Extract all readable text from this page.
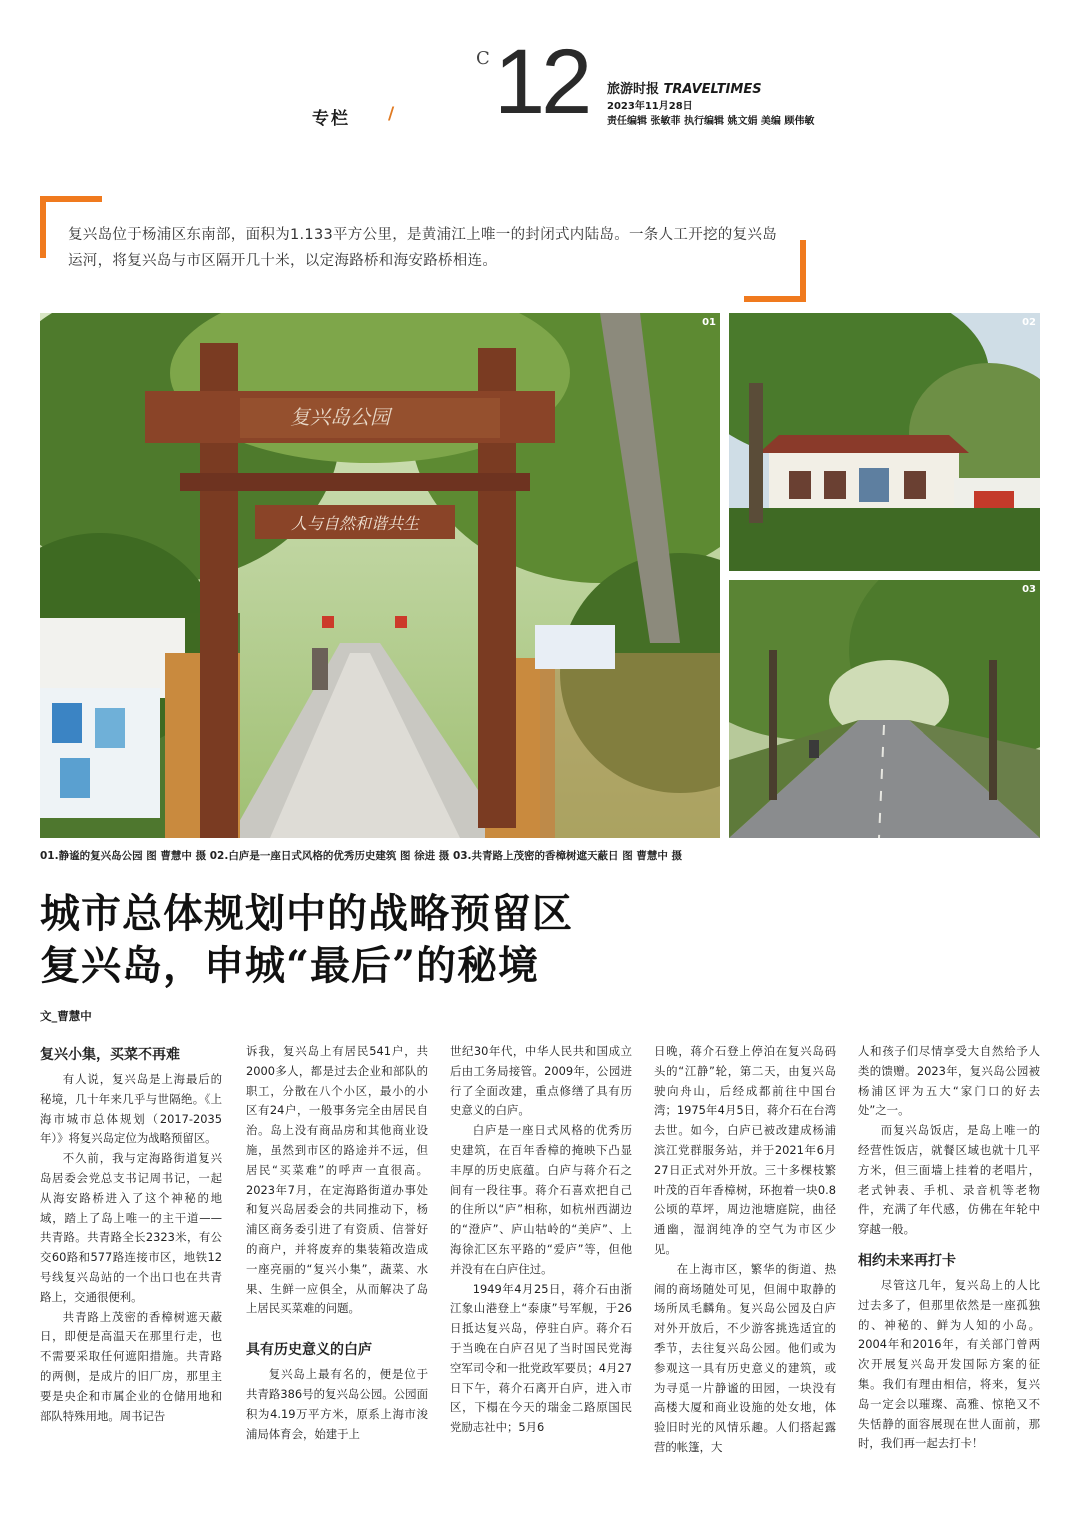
专栏 /
C 12 旅游时报 TRAVELTIMES
2023年11月28日
责任编辑 张敏菲 执行编辑 姚文娟 美编 顾伟敏
复兴岛位于杨浦区东南部，面积为1.133平方公里，是黄浦江上唯一的封闭式内陆岛。一条人工开挖的复兴岛运河，将复兴岛与市区隔开几十米，以定海路桥和海安路桥相连。
复兴岛公园
人与自然和谐共生
01	02
03
01.静谧的复兴岛公园 图 曹慧中 摄 02.白庐是一座日式风格的优秀历史建筑 图 徐进 摄 03.共青路上茂密的香樟树遮天蔽日 图 曹慧中 摄
城市总体规划中的战略预留区
复兴岛，申城“最后”的秘境
文_曹慧中
复兴小集，买菜不再难

有人说，复兴岛是上海最后的秘境，几十年来几乎与世隔绝。《上海市城市总体规划（2017-2035年）》将复兴岛定位为战略预留区。

不久前，我与定海路街道复兴岛居委会党总支书记周书记，一起从海安路桥进入了这个神秘的地域，踏上了岛上唯一的主干道——共青路。共青路全长2323米，有公交60路和577路连接市区，地铁12号线复兴岛站的一个出口也在共青路上，交通很便利。

共青路上茂密的香樟树遮天蔽日，即便是高温天在那里行走，也不需要采取任何遮阳措施。共青路的两侧，是成片的旧厂房，那里主要是央企和市属企业的仓储用地和部队特殊用地。周书记告

诉我，复兴岛上有居民541户，共2000多人，都是过去企业和部队的职工，分散在八个小区，最小的小区有24户，一般事务完全由居民自治。岛上没有商品房和其他商业设施，虽然到市区的路途并不远，但居民“买菜难”的呼声一直很高。2023年7月，在定海路街道办事处和复兴岛居委会的共同推动下，杨浦区商务委引进了有资质、信誉好的商户，并将废弃的集装箱改造成一座亮丽的“复兴小集”，蔬菜、水果、生鲜一应俱全，从而解决了岛上居民买菜难的问题。

具有历史意义的白庐

复兴岛上最有名的，便是位于共青路386号的复兴岛公园。公园面积为4.19万平方米，原系上海市浚浦局体育会，始建于上

世纪30年代，中华人民共和国成立后由工务局接管。2009年，公园进行了全面改建，重点修缮了具有历史意义的白庐。

白庐是一座日式风格的优秀历史建筑，在百年香樟的掩映下凸显丰厚的历史底蕴。白庐与蒋介石之间有一段往事。蒋介石喜欢把自己的住所以“庐”相称，如杭州西湖边的“澄庐”、庐山牯岭的“美庐”、上海徐汇区东平路的“爱庐”等，但他并没有在白庐住过。

1949年4月25日，蒋介石由浙江象山港登上“泰康”号军舰，于26日抵达复兴岛，停驻白庐。蒋介石于当晚在白庐召见了当时国民党海空军司令和一批党政军要员；4月27日下午，蒋介石离开白庐，进入市区，下榻在今天的瑞金二路原国民党励志社中；5月6

日晚，蒋介石登上停泊在复兴岛码头的“江静”轮，第二天，由复兴岛驶向舟山，后经成都前往中国台湾；1975年4月5日，蒋介石在台湾去世。如今，白庐已被改建成杨浦滨江党群服务站，并于2021年6月27日正式对外开放。三十多棵枝繁叶茂的百年香樟树，环抱着一块0.8公顷的草坪，周边池塘庭院，曲径通幽，湿润纯净的空气为市区少见。

在上海市区，繁华的街道、热闹的商场随处可见，但闹中取静的场所凤毛麟角。复兴岛公园及白庐对外开放后，不少游客挑选适宜的季节，去往复兴岛公园。他们或为参观这一具有历史意义的建筑，或为寻觅一片静谧的田园，一块没有高楼大厦和商业设施的处女地，体验旧时光的风情乐趣。人们搭起露营的帐篷，大

人和孩子们尽情享受大自然给予人类的馈赠。2023年，复兴岛公园被杨浦区评为五大“家门口的好去处”之一。

而复兴岛饭店，是岛上唯一的经营性饭店，就餐区域也就十几平方米，但三面墙上挂着的老唱片，老式钟表、手机、录音机等老物件，充满了年代感，仿佛在年轮中穿越一般。

相约未来再打卡

尽管这几年，复兴岛上的人比过去多了，但那里依然是一座孤独的、神秘的、鲜为人知的小岛。2004年和2016年，有关部门曾两次开展复兴岛开发国际方案的征集。我们有理由相信，将来，复兴岛一定会以璀璨、高雅、惊艳又不失恬静的面容展现在世人面前，那时，我们再一起去打卡！
